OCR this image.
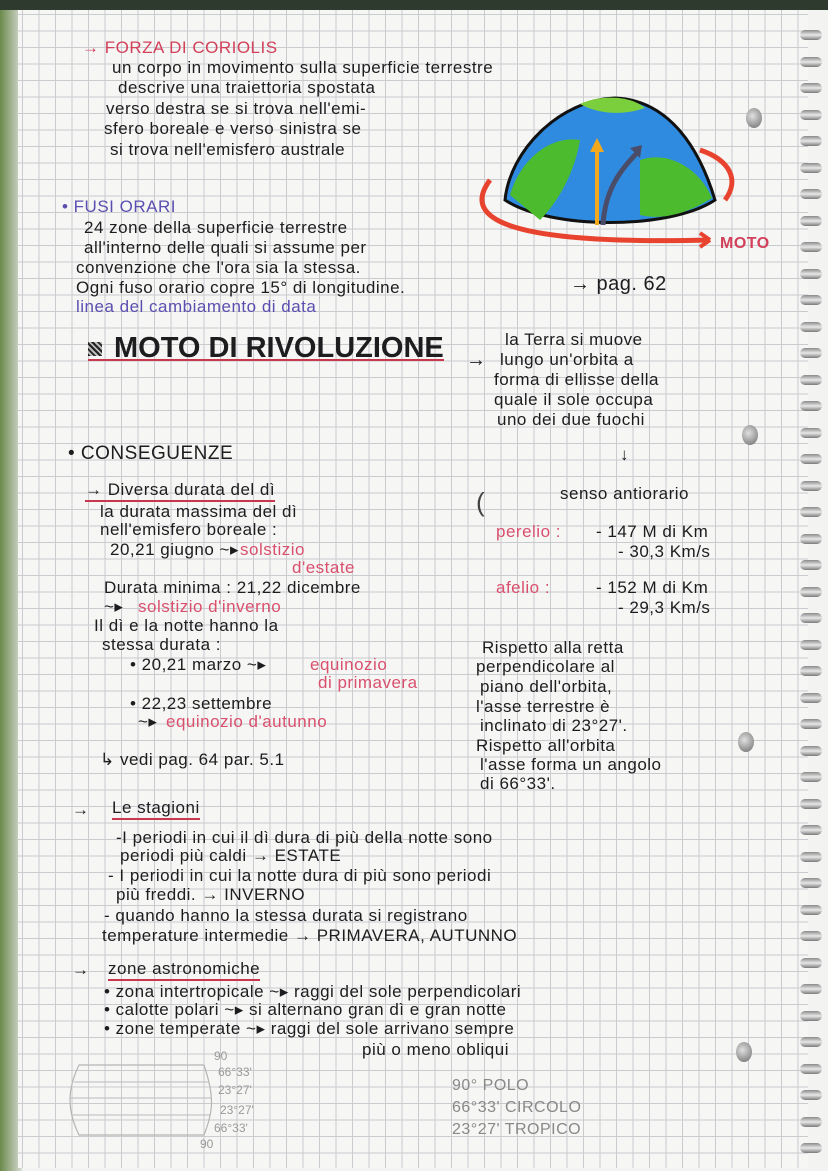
→ FORZA DI CORIOLIS
un corpo in movimento sulla superficie terrestre
descrive una traiettoria spostata
verso destra se si trova nell'emi-
sfero boreale e verso sinistra se
si trova nell'emisfero australe
MOTO
• FUSI ORARI
24 zone della superficie terrestre
all'interno delle quali si assume per
convenzione che l'ora sia la stessa.
Ogni fuso orario copre 15° di longitudine.	→ pag. 62
linea del cambiamento di data
MOTO DI RIVOLUZIONE →
la Terra si muove
lungo un'orbita a
forma di ellisse della
quale il sole occupa
uno dei due fuochi
↓
senso antiorario
(
perelio : - 147 M di Km
- 30,3 Km/s
afelio :	- 152 M di Km
- 29,3 Km/s
Rispetto alla retta
perpendicolare al
piano dell'orbita,
l'asse terrestre è
inclinato di 23°27'.
Rispetto all'orbita
l'asse forma un angolo
di 66°33'.
• CONSEGUENZE
→ Diversa durata del dì
la durata massima del dì
nell'emisfero boreale :
20,21 giugno ~▸ solstizio
d'estate
Durata minima : 21,22 dicembre
~▸ solstizio d'inverno
Il dì e la notte hanno la
stessa durata :
• 20,21 marzo ~▸	equinozio
di primavera
• 22,23 settembre
~▸ equinozio d'autunno
↳ vedi pag. 64 par. 5.1
→ Le stagioni
-I periodi in cui il dì dura di più della notte sono
periodi più caldi → ESTATE
- I periodi in cui la notte dura di più sono periodi
più freddi. → INVERNO
- quando hanno la stessa durata si registrano
temperature intermedie → PRIMAVERA, AUTUNNO
→ zone astronomiche
• zona intertropicale ~▸ raggi del sole perpendicolari
• calotte polari ~▸ si alternano gran dì e gran notte
• zone temperate ~▸ raggi del sole arrivano sempre
più o meno obliqui
90
66°33'
23°27'
23°27'
66°33'
90
90° POLO
66°33' CIRCOLO
23°27' TROPICO
